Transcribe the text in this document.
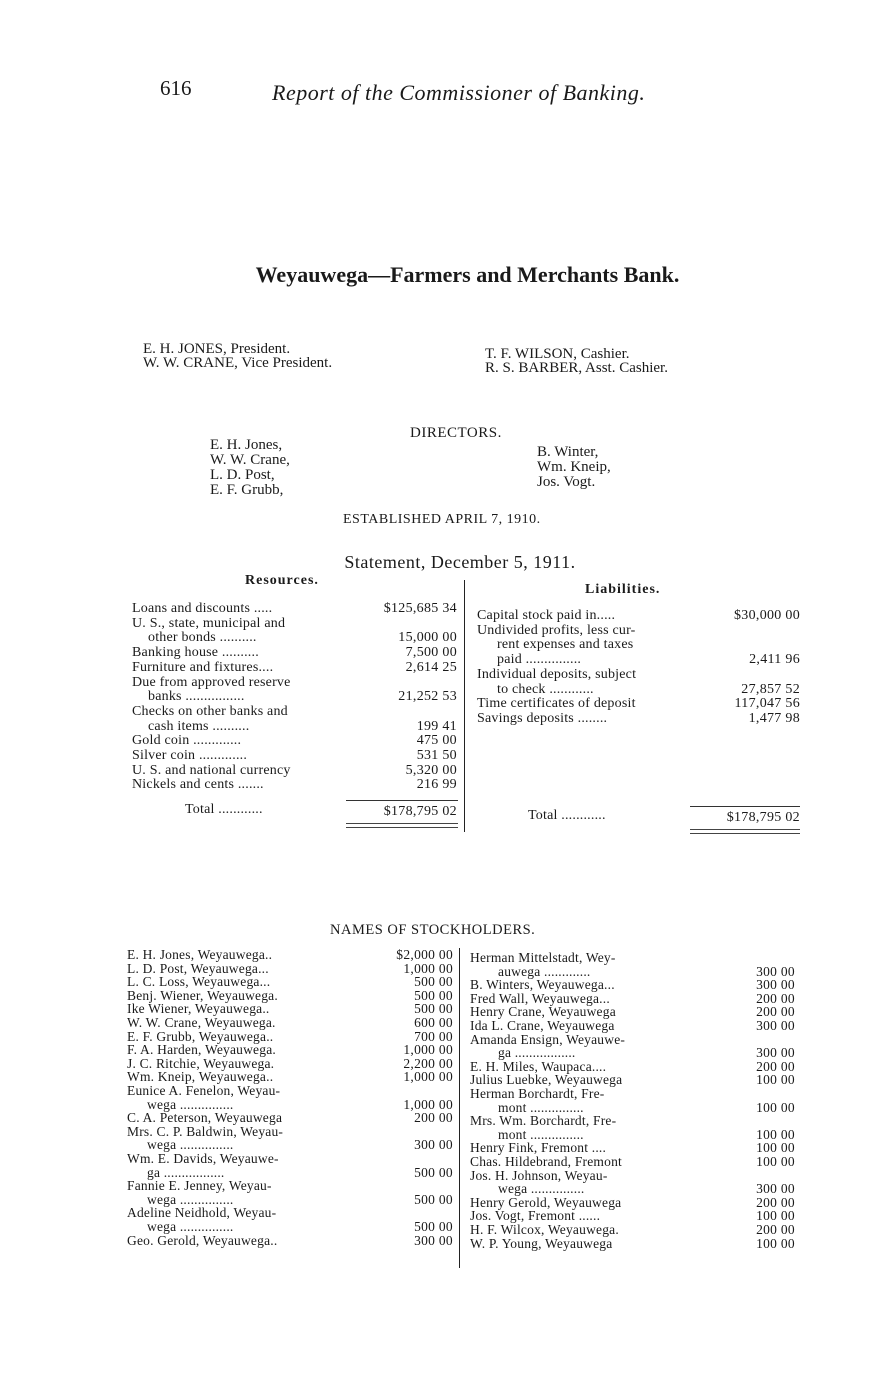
616	Report of the Commissioner of Banking.
Weyauwega—Farmers and Merchants Bank.
E. H. JONES, President.
W. W. CRANE, Vice President.
T. F. WILSON, Cashier.
R. S. BARBER, Asst. Cashier.
DIRECTORS.
E. H. Jones,
W. W. Crane,
L. D. Post,
E. F. Grubb,
B. Winter,
Wm. Kneip,
Jos. Vogt.
ESTABLISHED APRIL 7, 1910.
Statement, December 5, 1911.
Resources.
Liabilities.
Loans and discounts .....	$125,685 34
U. S., state, municipal and
other bonds ..........	15,000 00
Banking house ..........	7,500 00
Furniture and fixtures....	2,614 25
Due from approved reserve
banks ................	21,252 53
Checks on other banks and
cash items ..........	199 41
Gold coin .............	475 00
Silver coin .............	531 50
U. S. and national currency	5,320 00
Nickels and cents .......	216 99
Capital stock paid in.....	$30,000 00
Undivided profits, less cur-
rent expenses and taxes
paid ...............	2,411 96
Individual deposits, subject
to check ............	27,857 52
Time certificates of deposit	117,047 56
Savings deposits ........	1,477 98
Total ............	$178,795 02	Total ............	$178,795 02
NAMES OF STOCKHOLDERS.
E. H. Jones, Weyauwega..	$2,000 00
L. D. Post, Weyauwega...	1,000 00
L. C. Loss, Weyauwega...	500 00
Benj. Wiener, Weyauwega.	500 00
Ike Wiener, Weyauwega..	500 00
W. W. Crane, Weyauwega.	600 00
E. F. Grubb, Weyauwega..	700 00
F. A. Harden, Weyauwega.	1,000 00
J. C. Ritchie, Weyauwega.	2,200 00
Wm. Kneip, Weyauwega..	1,000 00
Eunice A. Fenelon, Weyau-
wega ...............	1,000 00
C. A. Peterson, Weyauwega	200 00
Mrs. C. P. Baldwin, Weyau-
wega ...............	300 00
Wm. E. Davids, Weyauwe-
ga .................	500 00
Fannie E. Jenney, Weyau-
wega ...............	500 00
Adeline Neidhold, Weyau-
wega ...............	500 00
Geo. Gerold, Weyauwega..	300 00
Herman Mittelstadt, Wey-
auwega .............	300 00
B. Winters, Weyauwega...	300 00
Fred Wall, Weyauwega...	200 00
Henry Crane, Weyauwega	200 00
Ida L. Crane, Weyauwega	300 00
Amanda Ensign, Weyauwe-
ga .................	300 00
E. H. Miles, Waupaca....	200 00
Julius Luebke, Weyauwega	100 00
Herman Borchardt, Fre-
mont ...............	100 00
Mrs. Wm. Borchardt, Fre-
mont ...............	100 00
Henry Fink, Fremont ....	100 00
Chas. Hildebrand, Fremont	100 00
Jos. H. Johnson, Weyau-
wega ...............	300 00
Henry Gerold, Weyauwega	200 00
Jos. Vogt, Fremont ......	100 00
H. F. Wilcox, Weyauwega.	200 00
W. P. Young, Weyauwega	100 00
